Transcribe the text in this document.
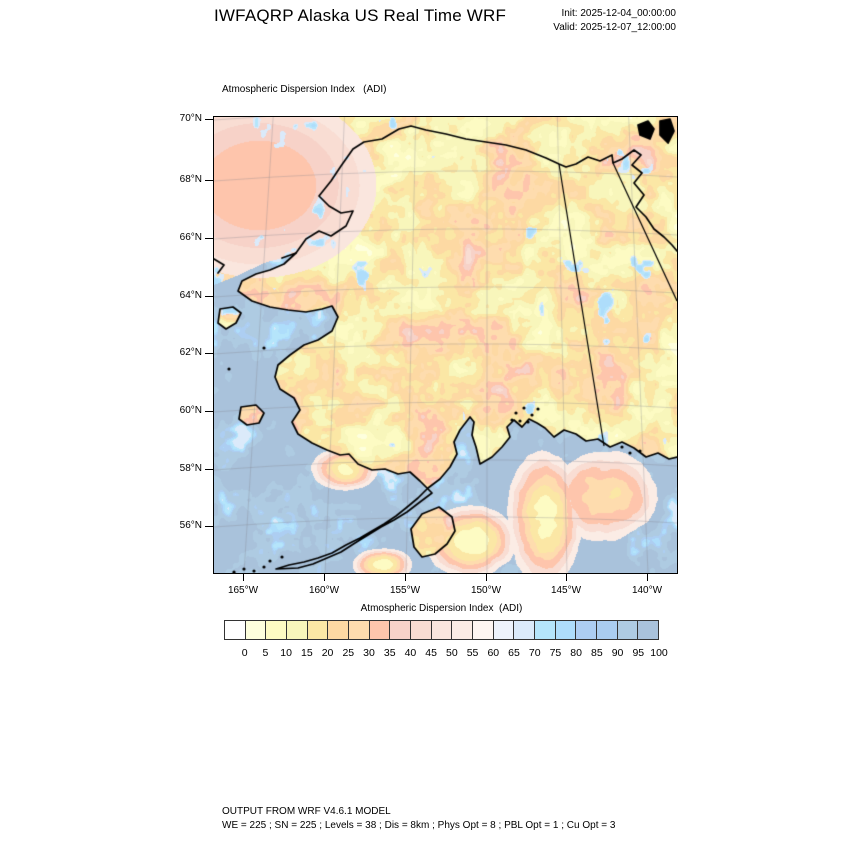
IWFAQRP Alaska US Real Time WRF	Init: 2025-12-04_00:00:00
Valid: 2025-12-07_12:00:00
Atmospheric Dispersion Index   (ADI)
Atmospheric Dispersion Index  (ADI)
OUTPUT FROM WRF V4.6.1 MODEL
WE = 225 ; SN = 225 ; Levels = 38 ; Dis = 8km ; Phys Opt = 8 ; PBL Opt = 1 ; Cu Opt = 3
70°N
68°N
66°N
64°N
62°N
60°N
58°N
56°N
165°W	160°W	155°W	150°W	145°W	140°W
0 5 10 15 20 25 30 35 40 45 50 55 60 65 70 75 80 85 90 95 100
